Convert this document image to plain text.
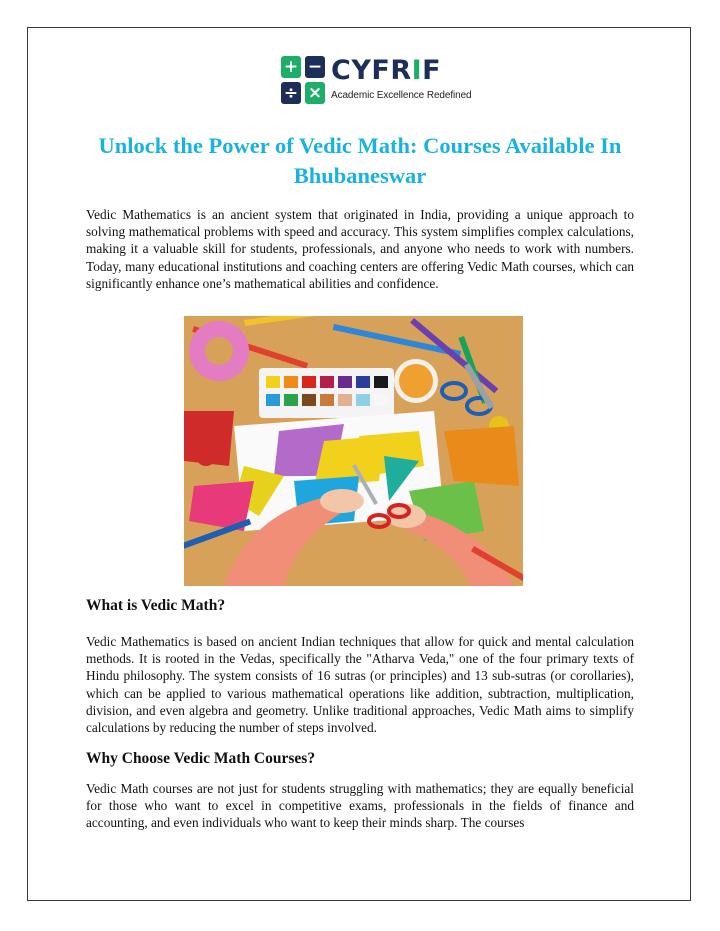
+ −
÷ ×
CYFRIF
Academic Excellence Redefined
Unlock the Power of Vedic Math: Courses Available In Bhubaneswar

Vedic Mathematics is an ancient system that originated in India, providing a unique approach to solving mathematical problems with speed and accuracy. This system simplifies complex calculations, making it a valuable skill for students, professionals, and anyone who needs to work with numbers. Today, many educational institutions and coaching centers are offering Vedic Math courses, which can significantly enhance one’s mathematical abilities and confidence.

What is Vedic Math?

Vedic Mathematics is based on ancient Indian techniques that allow for quick and mental calculation methods. It is rooted in the Vedas, specifically the "Atharva Veda," one of the four primary texts of Hindu philosophy. The system consists of 16 sutras (or principles) and 13 sub-sutras (or corollaries), which can be applied to various mathematical operations like addition, subtraction, multiplication, division, and even algebra and geometry. Unlike traditional approaches, Vedic Math aims to simplify calculations by reducing the number of steps involved.

Why Choose Vedic Math Courses?

Vedic Math courses are not just for students struggling with mathematics; they are equally beneficial for those who want to excel in competitive exams, professionals in the fields of finance and accounting, and even individuals who want to keep their minds sharp. The courses
